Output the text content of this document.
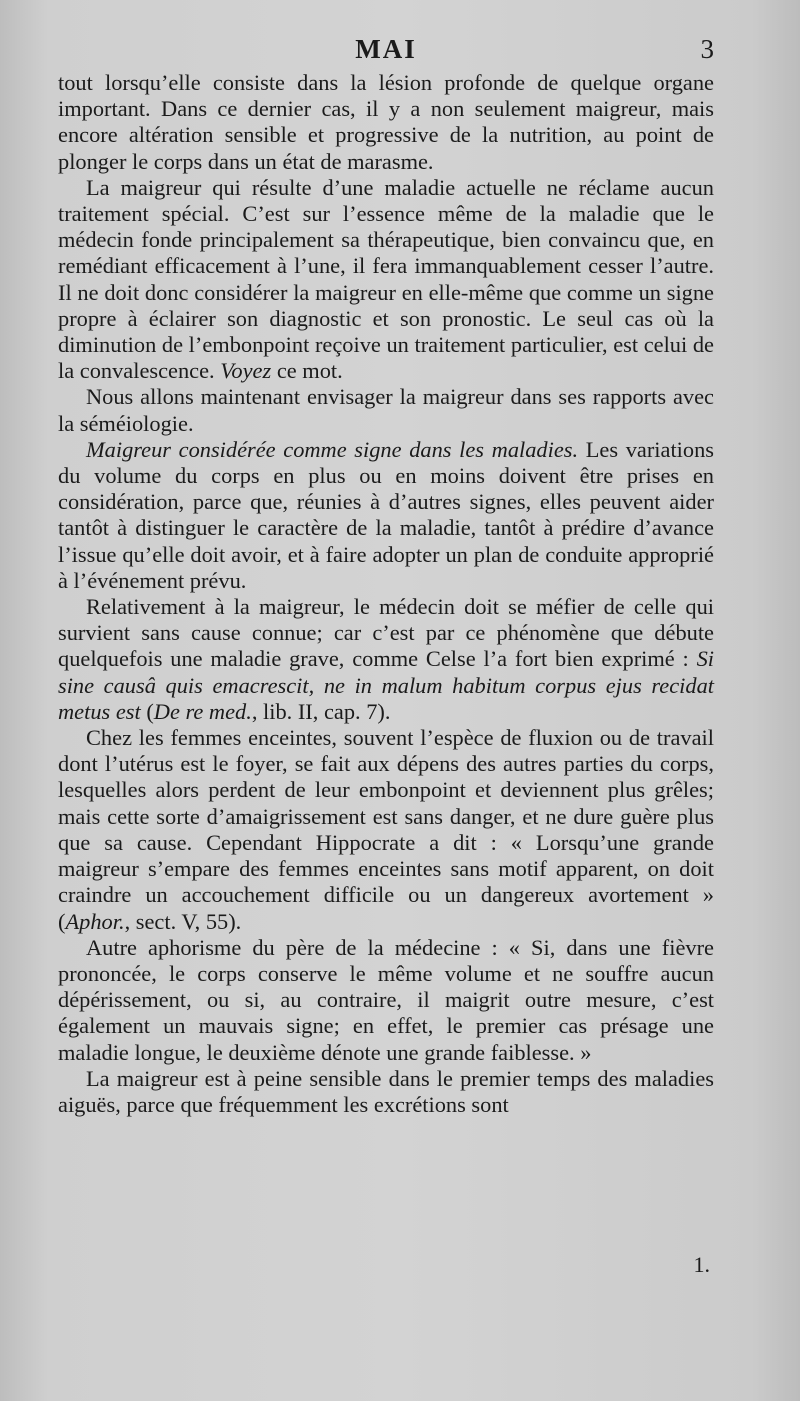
MAI	3

tout lorsqu’elle consiste dans la lésion profonde de quelque organe important. Dans ce dernier cas, il y a non seulement maigreur, mais encore altération sensible et progressive de la nutrition, au point de plonger le corps dans un état de marasme.

La maigreur qui résulte d’une maladie actuelle ne réclame aucun traitement spécial. C’est sur l’essence même de la maladie que le médecin fonde principalement sa thérapeutique, bien convaincu que, en remédiant efficacement à l’une, il fera immanquablement cesser l’autre. Il ne doit donc considérer la maigreur en elle-même que comme un signe propre à éclairer son diagnostic et son pronostic. Le seul cas où la diminution de l’embonpoint reçoive un traitement particulier, est celui de la convalescence. Voyez ce mot.

Nous allons maintenant envisager la maigreur dans ses rapports avec la séméiologie.

Maigreur considérée comme signe dans les maladies. Les variations du volume du corps en plus ou en moins doivent être prises en considération, parce que, réunies à d’autres signes, elles peuvent aider tantôt à distinguer le caractère de la maladie, tantôt à prédire d’avance l’issue qu’elle doit avoir, et à faire adopter un plan de conduite approprié à l’événement prévu.

Relativement à la maigreur, le médecin doit se méfier de celle qui survient sans cause connue; car c’est par ce phénomène que débute quelquefois une maladie grave, comme Celse l’a fort bien exprimé : Si sine causâ quis emacrescit, ne in malum habitum corpus ejus recidat metus est (De re med., lib. II, cap. 7).

Chez les femmes enceintes, souvent l’espèce de fluxion ou de travail dont l’utérus est le foyer, se fait aux dépens des autres parties du corps, lesquelles alors perdent de leur embonpoint et deviennent plus grêles; mais cette sorte d’amaigrissement est sans danger, et ne dure guère plus que sa cause. Cependant Hippocrate a dit : « Lorsqu’une grande maigreur s’empare des femmes enceintes sans motif apparent, on doit craindre un accouchement difficile ou un dangereux avortement » (Aphor., sect. V, 55).

Autre aphorisme du père de la médecine : « Si, dans une fièvre prononcée, le corps conserve le même volume et ne souffre aucun dépérissement, ou si, au contraire, il maigrit outre mesure, c’est également un mauvais signe; en effet, le premier cas présage une maladie longue, le deuxième dénote une grande faiblesse. »

La maigreur est à peine sensible dans le premier temps des maladies aiguës, parce que fréquemment les excrétions sont

1.
